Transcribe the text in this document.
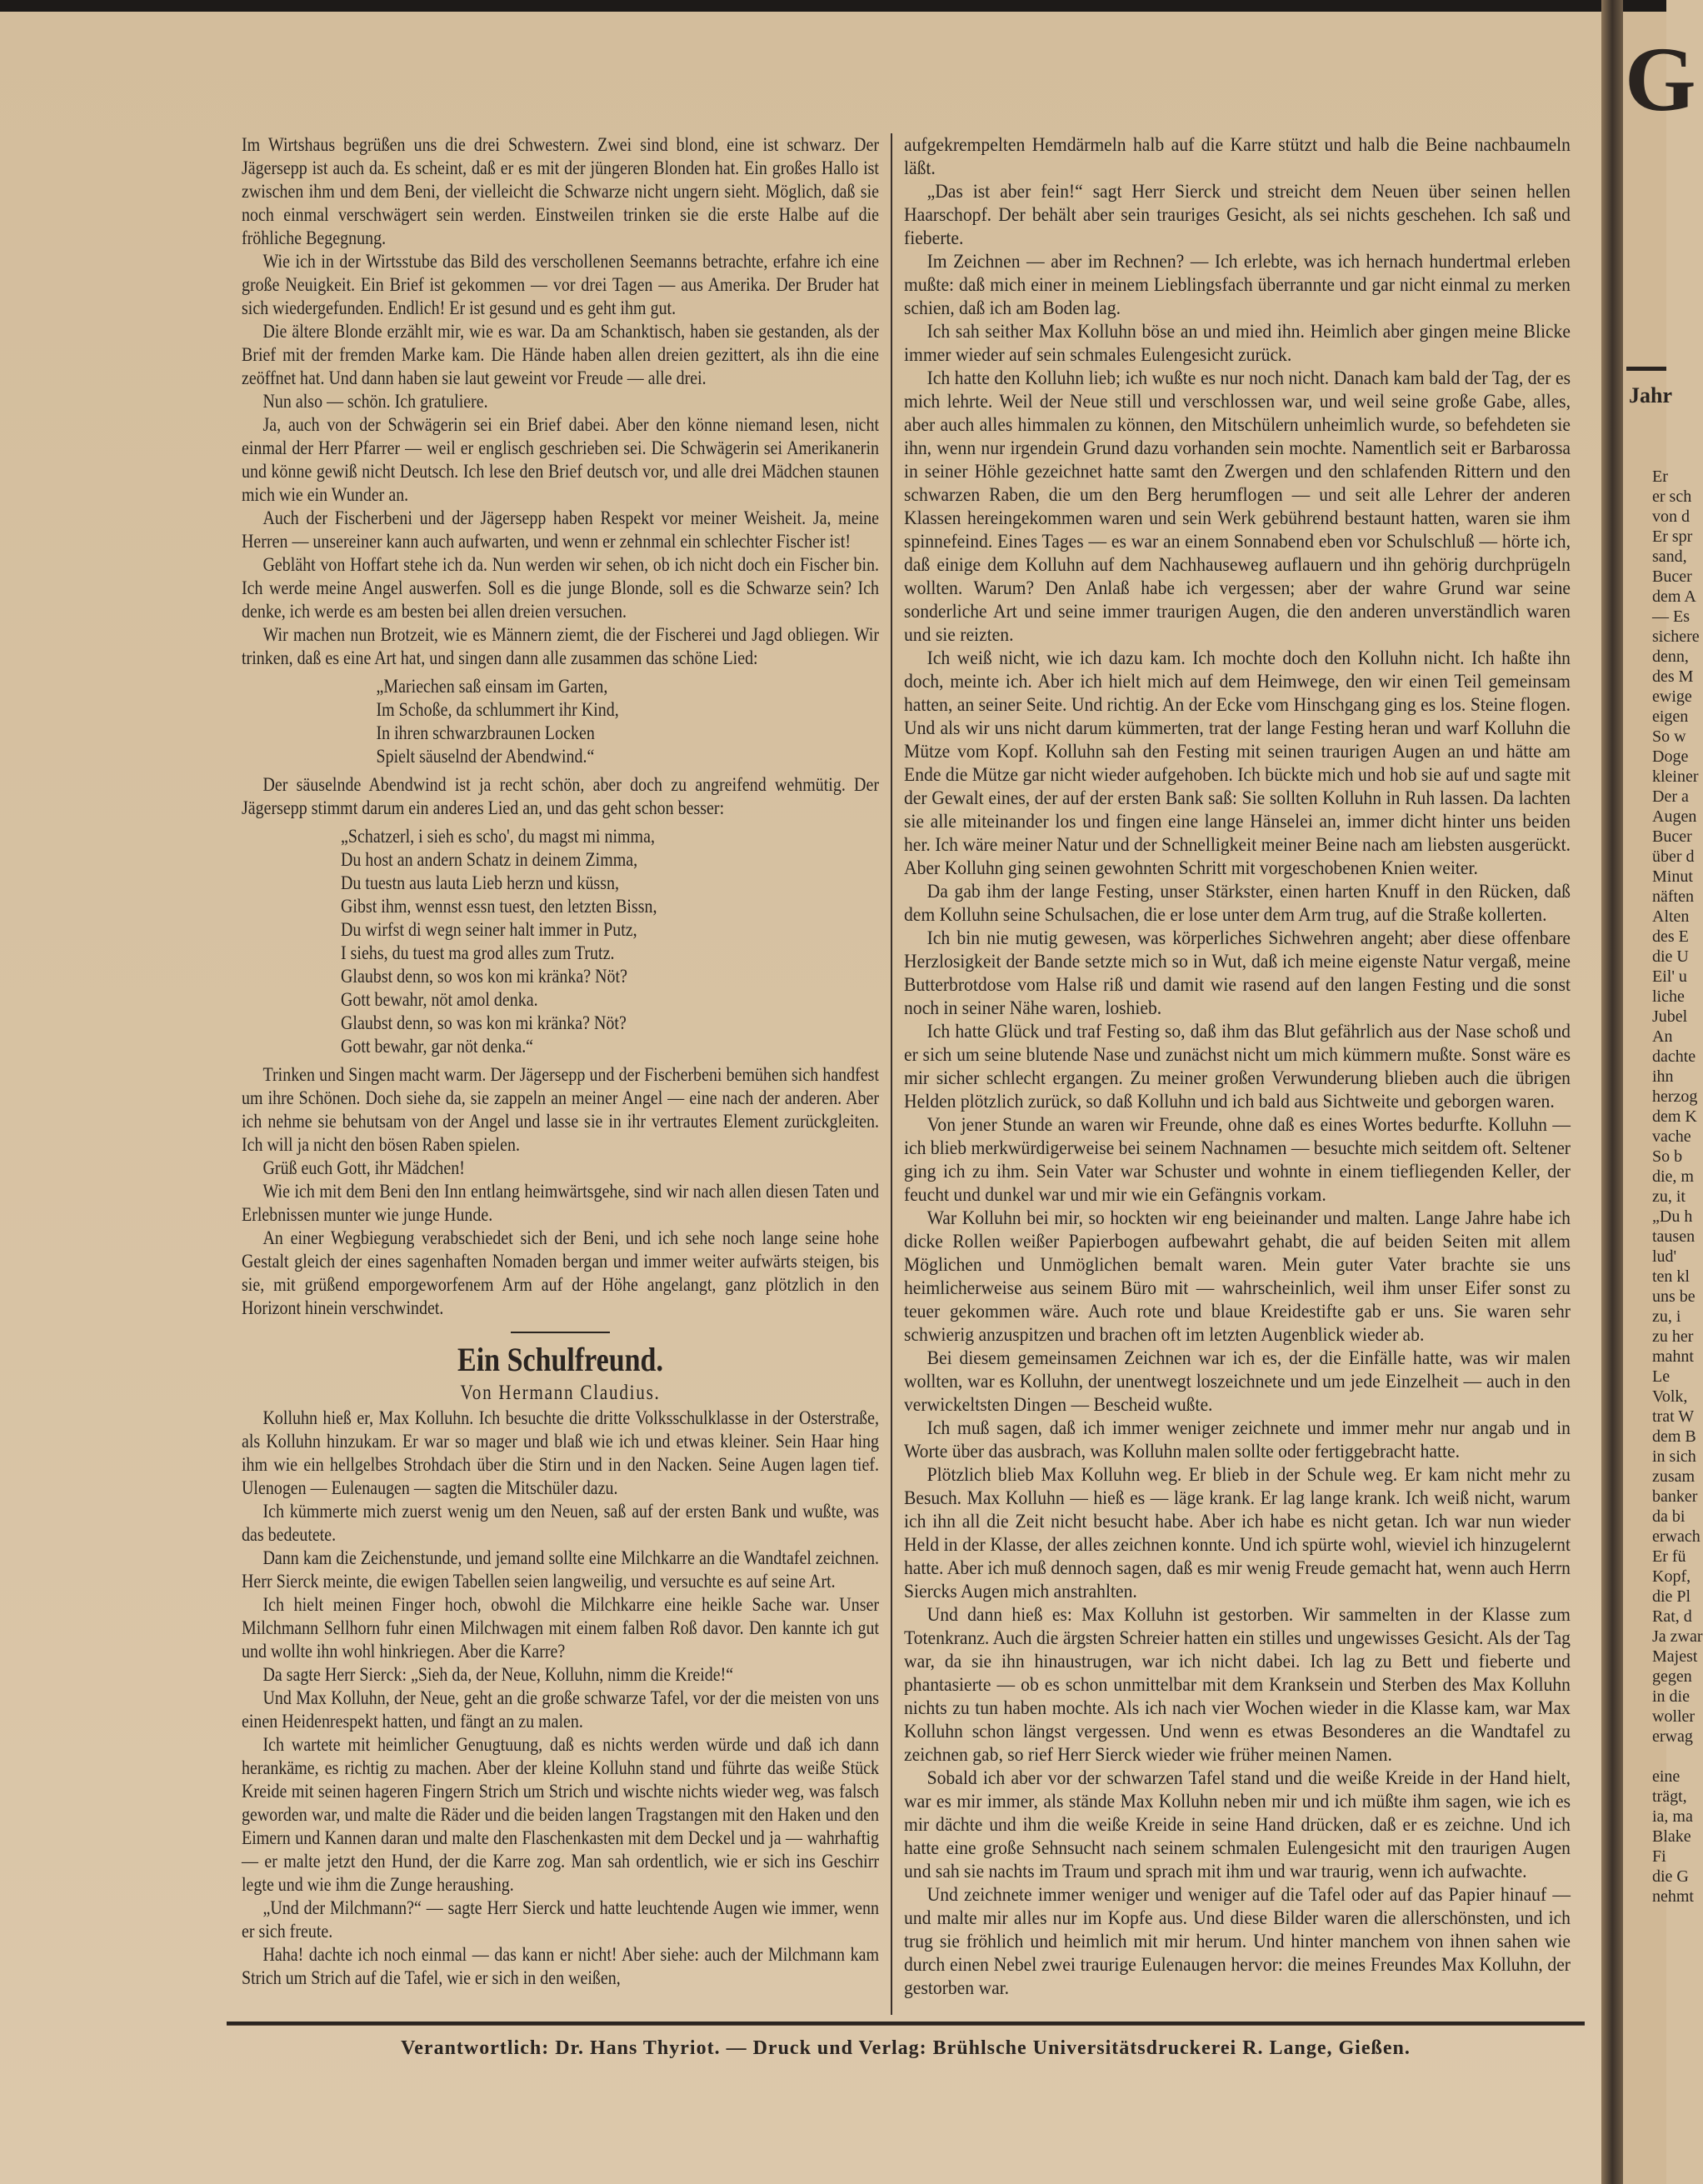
G
Jahr
Er
er sch
von d
Er spr
sand,
Bucer
dem A
— Es
sichere
denn,
des M
ewige
eigen
So w
Doge
kleiner
Der a
Augen
Bucer
über d
Minut
näften
Alten
des E
die U
Eil' u
liche
Jubel
An
dachte
ihn
herzog
dem K
vache
So b
die, m
zu, it
„Du h
tausen
lud'
ten kl
uns be
zu, i
zu her
mahnt
Le
Volk,
trat W
dem B
in sich
zusam
banker
da bi
erwach
Er fü
Kopf,
die Pl
Rat, d
Ja zwar
Majest
gegen
in die
woller
erwag
eine
trägt,
ia, ma
Blake
Fi
die G
nehmt

Im Wirtshaus begrüßen uns die drei Schwestern. Zwei sind blond, eine ist schwarz. Der Jägersepp ist auch da. Es scheint, daß er es mit der jüngeren Blonden hat. Ein großes Hallo ist zwischen ihm und dem Beni, der vielleicht die Schwarze nicht ungern sieht. Möglich, daß sie noch einmal verschwägert sein werden. Einstweilen trinken sie die erste Halbe auf die fröhliche Begegnung.

Wie ich in der Wirtsstube das Bild des verschollenen Seemanns betrachte, erfahre ich eine große Neuigkeit. Ein Brief ist gekommen — vor drei Tagen — aus Amerika. Der Bruder hat sich wiedergefunden. Endlich! Er ist gesund und es geht ihm gut.

Die ältere Blonde erzählt mir, wie es war. Da am Schanktisch, haben sie gestanden, als der Brief mit der fremden Marke kam. Die Hände haben allen dreien gezittert, als ihn die eine zeöffnet hat. Und dann haben sie laut geweint vor Freude — alle drei.

Nun also — schön. Ich gratuliere.

Ja, auch von der Schwägerin sei ein Brief dabei. Aber den könne niemand lesen, nicht einmal der Herr Pfarrer — weil er englisch geschrieben sei. Die Schwägerin sei Amerikanerin und könne gewiß nicht Deutsch. Ich lese den Brief deutsch vor, und alle drei Mädchen staunen mich wie ein Wunder an.

Auch der Fischerbeni und der Jägersepp haben Respekt vor meiner Weisheit. Ja, meine Herren — unsereiner kann auch aufwarten, und wenn er zehnmal ein schlechter Fischer ist!

Gebläht von Hoffart stehe ich da. Nun werden wir sehen, ob ich nicht doch ein Fischer bin. Ich werde meine Angel auswerfen. Soll es die junge Blonde, soll es die Schwarze sein? Ich denke, ich werde es am besten bei allen dreien versuchen.

Wir machen nun Brotzeit, wie es Männern ziemt, die der Fischerei und Jagd obliegen. Wir trinken, daß es eine Art hat, und singen dann alle zusammen das schöne Lied:

„Mariechen saß einsam im Garten,
Im Schoße, da schlummert ihr Kind,
In ihren schwarzbraunen Locken
Spielt säuselnd der Abendwind.“

Der säuselnde Abendwind ist ja recht schön, aber doch zu angreifend wehmütig. Der Jägersepp stimmt darum ein anderes Lied an, und das geht schon besser:

„Schatzerl, i sieh es scho', du magst mi nimma,
Du host an andern Schatz in deinem Zimma,
Du tuestn aus lauta Lieb herzn und küssn,
Gibst ihm, wennst essn tuest, den letzten Bissn,
Du wirfst di wegn seiner halt immer in Putz,
I siehs, du tuest ma grod alles zum Trutz.
Glaubst denn, so wos kon mi kränka? Nöt?
Gott bewahr, nöt amol denka.
Glaubst denn, so was kon mi kränka? Nöt?
Gott bewahr, gar nöt denka.“

Trinken und Singen macht warm. Der Jägersepp und der Fischerbeni bemühen sich handfest um ihre Schönen. Doch siehe da, sie zappeln an meiner Angel — eine nach der anderen. Aber ich nehme sie behutsam von der Angel und lasse sie in ihr vertrautes Element zurückgleiten. Ich will ja nicht den bösen Raben spielen.

Grüß euch Gott, ihr Mädchen!

Wie ich mit dem Beni den Inn entlang heimwärtsgehe, sind wir nach allen diesen Taten und Erlebnissen munter wie junge Hunde.

An einer Wegbiegung verabschiedet sich der Beni, und ich sehe noch lange seine hohe Gestalt gleich der eines sagenhaften Nomaden bergan und immer weiter aufwärts steigen, bis sie, mit grüßend emporgeworfenem Arm auf der Höhe angelangt, ganz plötzlich in den Horizont hinein verschwindet.

Ein Schulfreund.
Von Hermann Claudius.

Kolluhn hieß er, Max Kolluhn. Ich besuchte die dritte Volksschulklasse in der Osterstraße, als Kolluhn hinzukam. Er war so mager und blaß wie ich und etwas kleiner. Sein Haar hing ihm wie ein hellgelbes Strohdach über die Stirn und in den Nacken. Seine Augen lagen tief. Ulenogen — Eulenaugen — sagten die Mitschüler dazu.

Ich kümmerte mich zuerst wenig um den Neuen, saß auf der ersten Bank und wußte, was das bedeutete.

Dann kam die Zeichenstunde, und jemand sollte eine Milchkarre an die Wandtafel zeichnen. Herr Sierck meinte, die ewigen Tabellen seien langweilig, und versuchte es auf seine Art.

Ich hielt meinen Finger hoch, obwohl die Milchkarre eine heikle Sache war. Unser Milchmann Sellhorn fuhr einen Milchwagen mit einem falben Roß davor. Den kannte ich gut und wollte ihn wohl hinkriegen. Aber die Karre?

Da sagte Herr Sierck: „Sieh da, der Neue, Kolluhn, nimm die Kreide!“

Und Max Kolluhn, der Neue, geht an die große schwarze Tafel, vor der die meisten von uns einen Heidenrespekt hatten, und fängt an zu malen.

Ich wartete mit heimlicher Genugtuung, daß es nichts werden würde und daß ich dann herankäme, es richtig zu machen. Aber der kleine Kolluhn stand und führte das weiße Stück Kreide mit seinen hageren Fingern Strich um Strich und wischte nichts wieder weg, was falsch geworden war, und malte die Räder und die beiden langen Tragstangen mit den Haken und den Eimern und Kannen daran und malte den Flaschenkasten mit dem Deckel und ja — wahrhaftig — er malte jetzt den Hund, der die Karre zog. Man sah ordentlich, wie er sich ins Geschirr legte und wie ihm die Zunge heraushing.

„Und der Milchmann?“ — sagte Herr Sierck und hatte leuchtende Augen wie immer, wenn er sich freute.

Haha! dachte ich noch einmal — das kann er nicht! Aber siehe: auch der Milchmann kam Strich um Strich auf die Tafel, wie er sich in den weißen,

aufgekrempelten Hemdärmeln halb auf die Karre stützt und halb die Beine nachbaumeln läßt.

„Das ist aber fein!“ sagt Herr Sierck und streicht dem Neuen über seinen hellen Haarschopf. Der behält aber sein trauriges Gesicht, als sei nichts geschehen. Ich saß und fieberte.

Im Zeichnen — aber im Rechnen? — Ich erlebte, was ich hernach hundertmal erleben mußte: daß mich einer in meinem Lieblingsfach überrannte und gar nicht einmal zu merken schien, daß ich am Boden lag.

Ich sah seither Max Kolluhn böse an und mied ihn. Heimlich aber gingen meine Blicke immer wieder auf sein schmales Eulengesicht zurück.

Ich hatte den Kolluhn lieb; ich wußte es nur noch nicht. Danach kam bald der Tag, der es mich lehrte. Weil der Neue still und verschlossen war, und weil seine große Gabe, alles, aber auch alles himmalen zu können, den Mitschülern unheimlich wurde, so befehdeten sie ihn, wenn nur irgendein Grund dazu vorhanden sein mochte. Namentlich seit er Barbarossa in seiner Höhle gezeichnet hatte samt den Zwergen und den schlafenden Rittern und den schwarzen Raben, die um den Berg herumflogen — und seit alle Lehrer der anderen Klassen hereingekommen waren und sein Werk gebührend bestaunt hatten, waren sie ihm spinnefeind. Eines Tages — es war an einem Sonnabend eben vor Schulschluß — hörte ich, daß einige dem Kolluhn auf dem Nachhauseweg auflauern und ihn gehörig durchprügeln wollten. Warum? Den Anlaß habe ich vergessen; aber der wahre Grund war seine sonderliche Art und seine immer traurigen Augen, die den anderen unverständlich waren und sie reizten.

Ich weiß nicht, wie ich dazu kam. Ich mochte doch den Kolluhn nicht. Ich haßte ihn doch, meinte ich. Aber ich hielt mich auf dem Heimwege, den wir einen Teil gemeinsam hatten, an seiner Seite. Und richtig. An der Ecke vom Hinschgang ging es los. Steine flogen. Und als wir uns nicht darum kümmerten, trat der lange Festing heran und warf Kolluhn die Mütze vom Kopf. Kolluhn sah den Festing mit seinen traurigen Augen an und hätte am Ende die Mütze gar nicht wieder aufgehoben. Ich bückte mich und hob sie auf und sagte mit der Gewalt eines, der auf der ersten Bank saß: Sie sollten Kolluhn in Ruh lassen. Da lachten sie alle miteinander los und fingen eine lange Hänselei an, immer dicht hinter uns beiden her. Ich wäre meiner Natur und der Schnelligkeit meiner Beine nach am liebsten ausgerückt. Aber Kolluhn ging seinen gewohnten Schritt mit vorgeschobenen Knien weiter.

Da gab ihm der lange Festing, unser Stärkster, einen harten Knuff in den Rücken, daß dem Kolluhn seine Schulsachen, die er lose unter dem Arm trug, auf die Straße kollerten.

Ich bin nie mutig gewesen, was körperliches Sichwehren angeht; aber diese offenbare Herzlosigkeit der Bande setzte mich so in Wut, daß ich meine eigenste Natur vergaß, meine Butterbrotdose vom Halse riß und damit wie rasend auf den langen Festing und die sonst noch in seiner Nähe waren, loshieb.

Ich hatte Glück und traf Festing so, daß ihm das Blut gefährlich aus der Nase schoß und er sich um seine blutende Nase und zunächst nicht um mich kümmern mußte. Sonst wäre es mir sicher schlecht ergangen. Zu meiner großen Verwunderung blieben auch die übrigen Helden plötzlich zurück, so daß Kolluhn und ich bald aus Sichtweite und geborgen waren.

Von jener Stunde an waren wir Freunde, ohne daß es eines Wortes bedurfte. Kolluhn — ich blieb merkwürdigerweise bei seinem Nachnamen — besuchte mich seitdem oft. Seltener ging ich zu ihm. Sein Vater war Schuster und wohnte in einem tiefliegenden Keller, der feucht und dunkel war und mir wie ein Gefängnis vorkam.

War Kolluhn bei mir, so hockten wir eng beieinander und malten. Lange Jahre habe ich dicke Rollen weißer Papierbogen aufbewahrt gehabt, die auf beiden Seiten mit allem Möglichen und Unmöglichen bemalt waren. Mein guter Vater brachte sie uns heimlicherweise aus seinem Büro mit — wahrscheinlich, weil ihm unser Eifer sonst zu teuer gekommen wäre. Auch rote und blaue Kreidestifte gab er uns. Sie waren sehr schwierig anzuspitzen und brachen oft im letzten Augenblick wieder ab.

Bei diesem gemeinsamen Zeichnen war ich es, der die Einfälle hatte, was wir malen wollten, war es Kolluhn, der unentwegt loszeichnete und um jede Einzelheit — auch in den verwickeltsten Dingen — Bescheid wußte.

Ich muß sagen, daß ich immer weniger zeichnete und immer mehr nur angab und in Worte über das ausbrach, was Kolluhn malen sollte oder fertiggebracht hatte.

Plötzlich blieb Max Kolluhn weg. Er blieb in der Schule weg. Er kam nicht mehr zu Besuch. Max Kolluhn — hieß es — läge krank. Er lag lange krank. Ich weiß nicht, warum ich ihn all die Zeit nicht besucht habe. Aber ich habe es nicht getan. Ich war nun wieder Held in der Klasse, der alles zeichnen konnte. Und ich spürte wohl, wieviel ich hinzugelernt hatte. Aber ich muß dennoch sagen, daß es mir wenig Freude gemacht hat, wenn auch Herrn Siercks Augen mich anstrahlten.

Und dann hieß es: Max Kolluhn ist gestorben. Wir sammelten in der Klasse zum Totenkranz. Auch die ärgsten Schreier hatten ein stilles und ungewisses Gesicht. Als der Tag war, da sie ihn hinaustrugen, war ich nicht dabei. Ich lag zu Bett und fieberte und phantasierte — ob es schon unmittelbar mit dem Kranksein und Sterben des Max Kolluhn nichts zu tun haben mochte. Als ich nach vier Wochen wieder in die Klasse kam, war Max Kolluhn schon längst vergessen. Und wenn es etwas Besonderes an die Wandtafel zu zeichnen gab, so rief Herr Sierck wieder wie früher meinen Namen.

Sobald ich aber vor der schwarzen Tafel stand und die weiße Kreide in der Hand hielt, war es mir immer, als stände Max Kolluhn neben mir und ich müßte ihm sagen, wie ich es mir dächte und ihm die weiße Kreide in seine Hand drücken, daß er es zeichne. Und ich hatte eine große Sehnsucht nach seinem schmalen Eulengesicht mit den traurigen Augen und sah sie nachts im Traum und sprach mit ihm und war traurig, wenn ich aufwachte.

Und zeichnete immer weniger und weniger auf die Tafel oder auf das Papier hinauf — und malte mir alles nur im Kopfe aus. Und diese Bilder waren die allerschönsten, und ich trug sie fröhlich und heimlich mit mir herum. Und hinter manchem von ihnen sahen wie durch einen Nebel zwei traurige Eulenaugen hervor: die meines Freundes Max Kolluhn, der gestorben war.

Verantwortlich: Dr. Hans Thyriot. — Druck und Verlag: Brühlsche Universitätsdruckerei R. Lange, Gießen.
